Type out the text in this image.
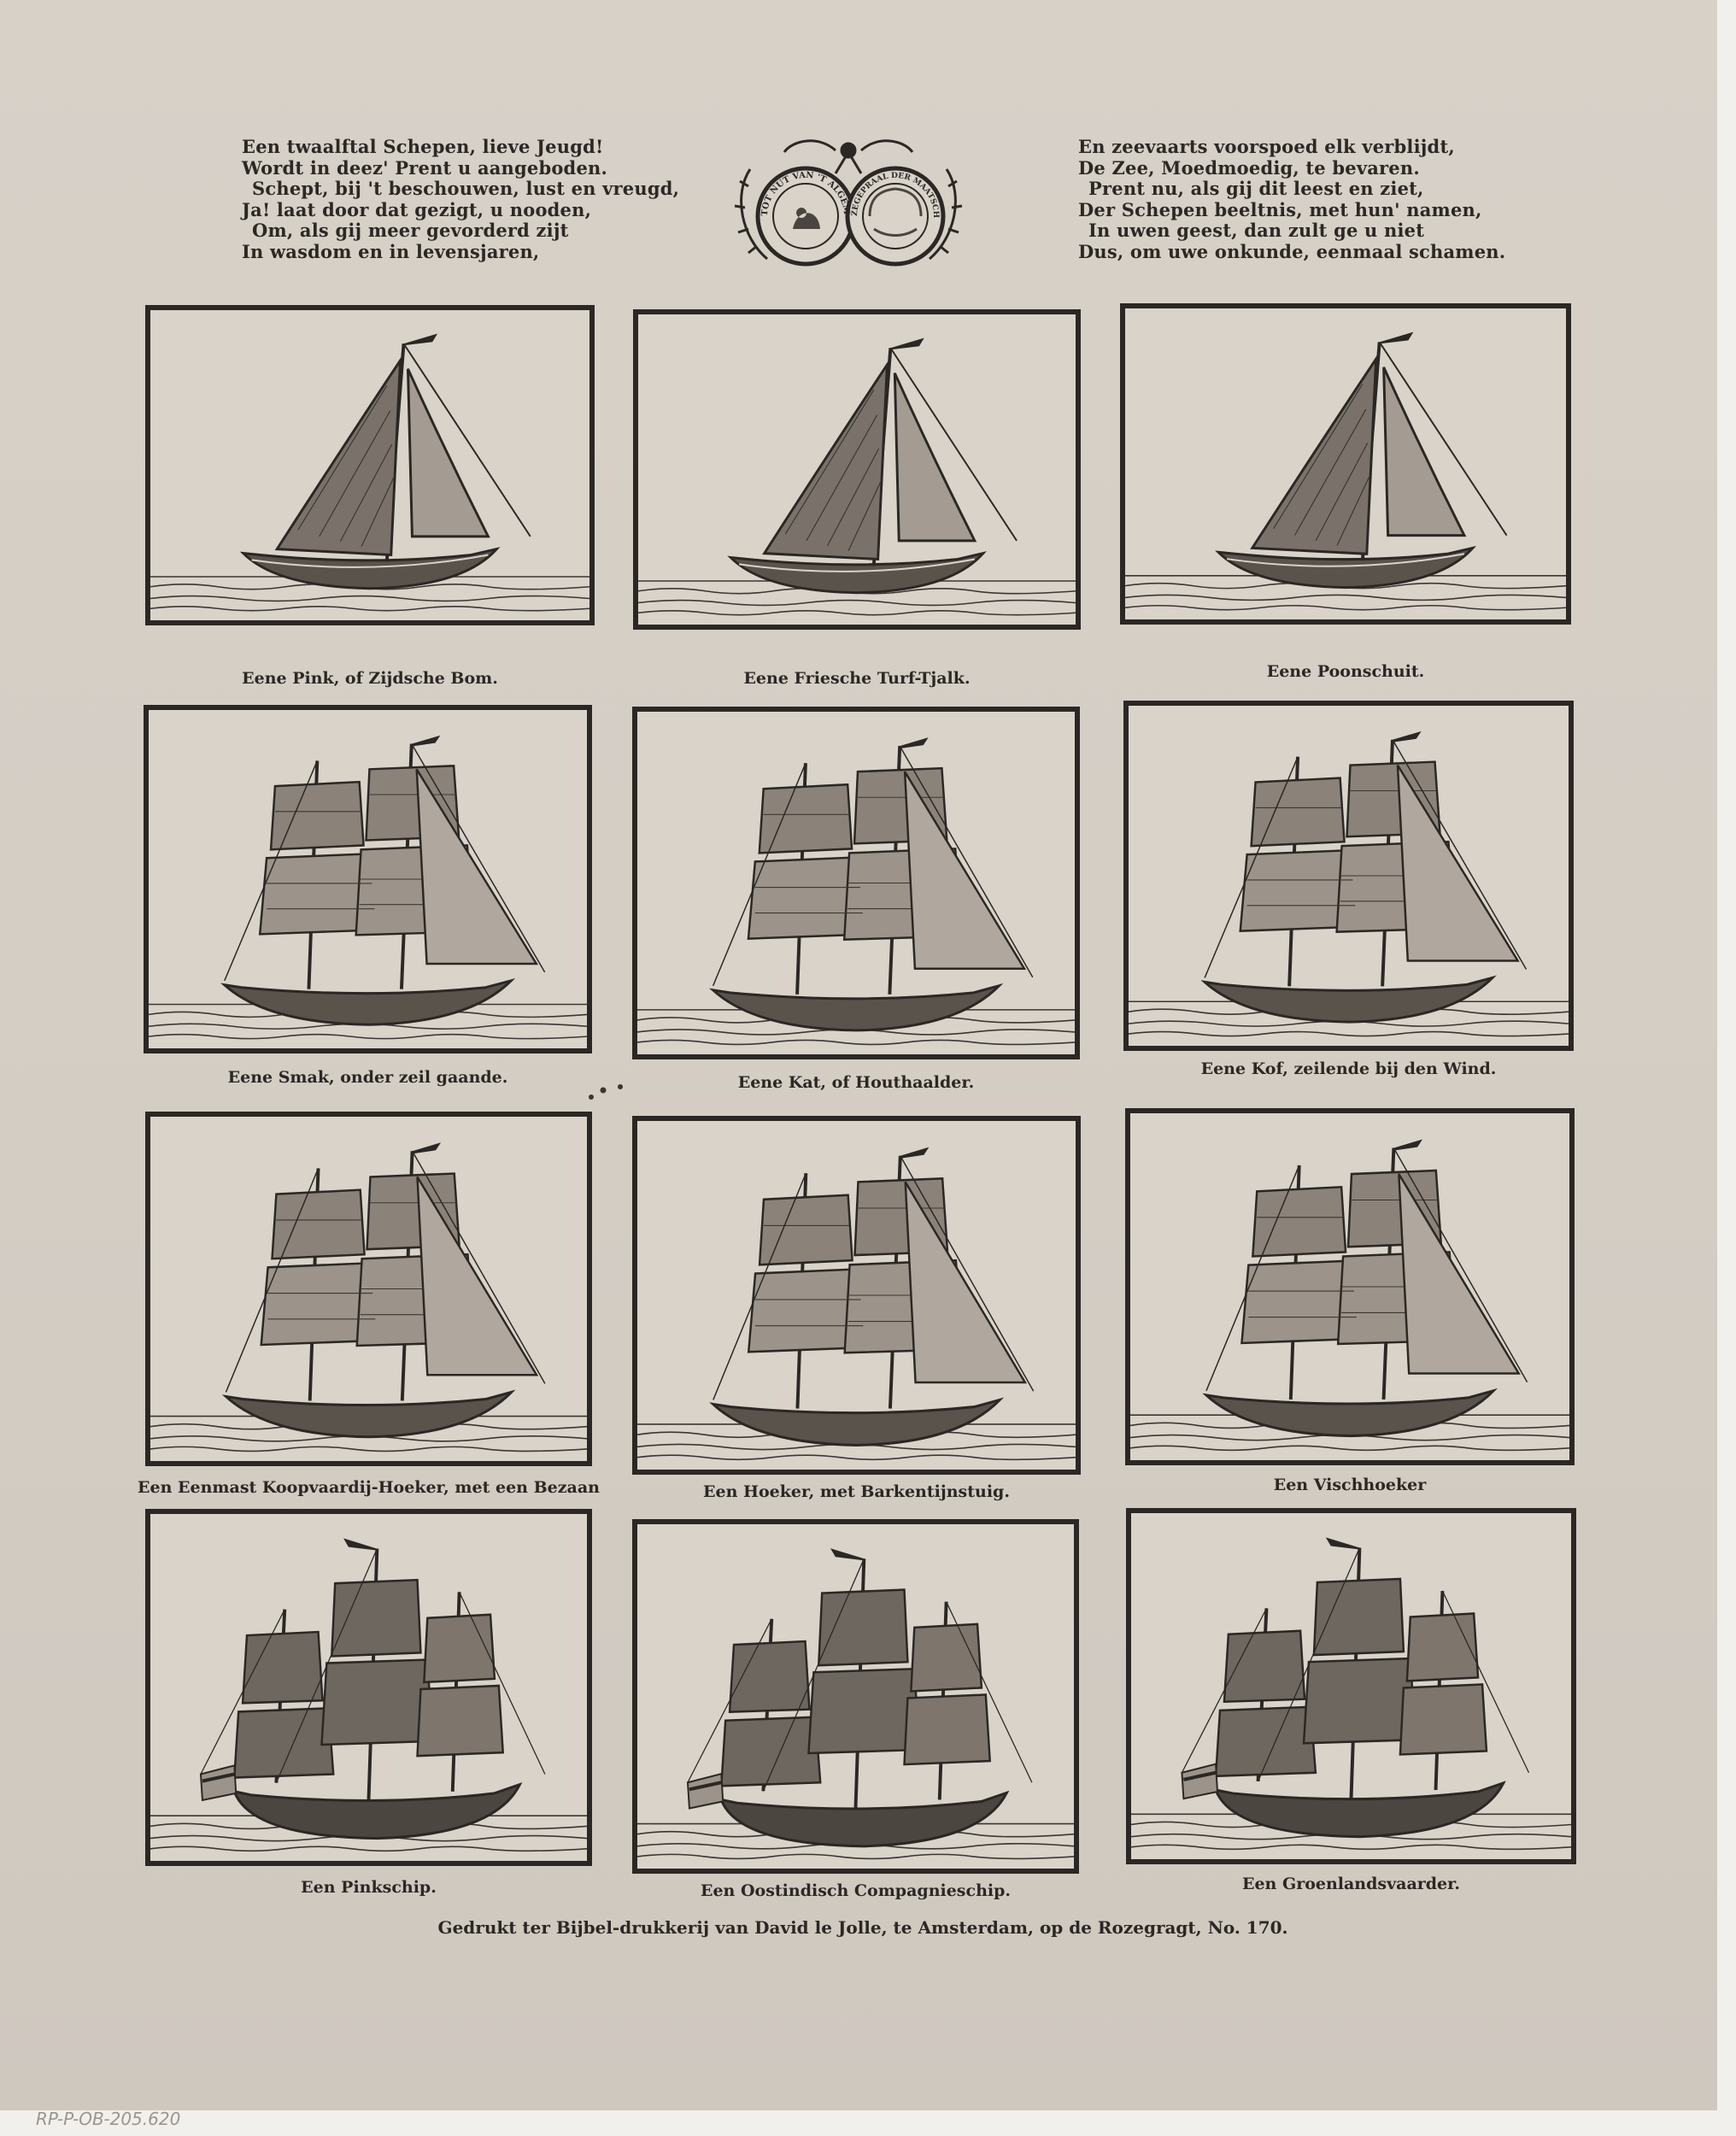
Een twaalftal Schepen, lieve Jeugd!
Wordt in deez' Prent u aangeboden.
Schept, bij 't beschouwen, lust en vreugd,
Ja! laat door dat gezigt, u nooden,
Om, als gij meer gevorderd zijt
In wasdom en in levensjaren,
TOT NUT VAN 'T ALGEM ZEGEPRAAL DER MAATSCH
En zeevaarts voorspoed elk verblijdt,
De Zee, Moedmoedig, te bevaren.
Prent nu, als gij dit leest en ziet,
Der Schepen beeltnis, met hun' namen,
In uwen geest, dan zult ge u niet
Dus, om uwe onkunde, eenmaal schamen.
Eene Pink, of Zijdsche Bom.	Eene Friesche Turf-Tjalk.	Eene Poonschuit.
Eene Smak, onder zeil gaande.	Eene Kat, of Houthaalder.
Eene Kof, zeilende bij den Wind.
Een Eenmast Koopvaardij-Hoeker, met een Bezaan	Een Hoeker, met Barkentijnstuig.	Een Vischhoeker
Een Pinkschip.	Een Oostindisch Compagnieschip.	Een Groenlandsvaarder.
Gedrukt ter Bijbel-drukkerij van David le Jolle, te Amsterdam, op de Rozegragt, No. 170.
RP-P-OB-205.620
